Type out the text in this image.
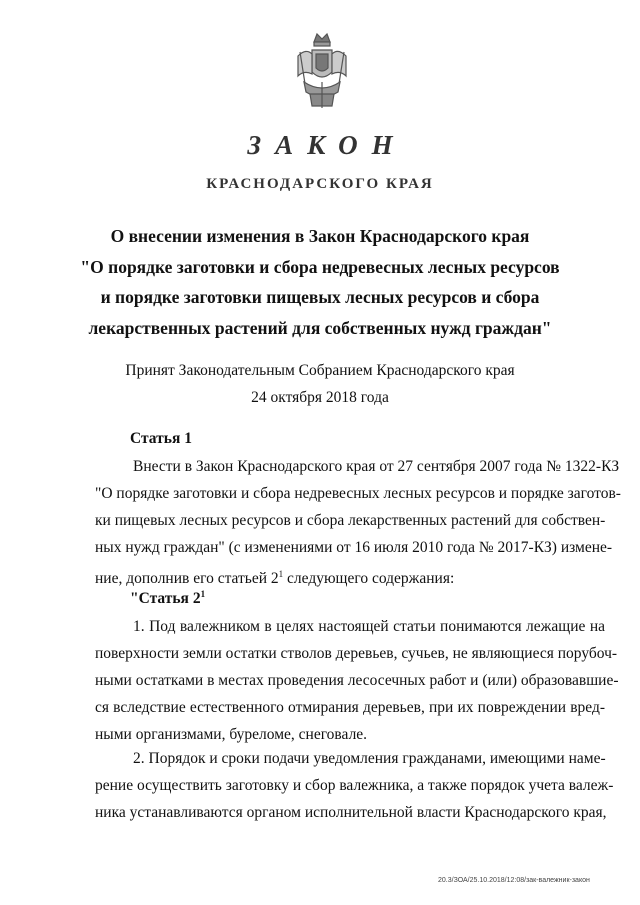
ЗАКОН
КРАСНОДАРСКОГО КРАЯ
О внесении изменения в Закон Краснодарского края
"О порядке заготовки и сбора недревесных лесных ресурсов
и порядке заготовки пищевых лесных ресурсов и сбора
лекарственных растений для собственных нужд граждан"
Принят Законодательным Собранием Краснодарского края
24 октября 2018 года
Статья 1
Внести в Закон Краснодарского края от 27 сентября 2007 года № 1322-КЗ
"О порядке заготовки и сбора недревесных лесных ресурсов и порядке заготов-
ки пищевых лесных ресурсов и сбора лекарственных растений для собствен-
ных нужд граждан" (с изменениями от 16 июля 2010 года № 2017-КЗ) измене-
ние, дополнив его статьей $2^1$ следующего содержания:
"Статья $2^1$
1. Под валежником в целях настоящей статьи понимаются лежащие на
поверхности земли остатки стволов деревьев, сучьев, не являющиеся порубоч-
ными остатками в местах проведения лесосечных работ и (или) образовавшие-
ся вследствие естественного отмирания деревьев, при их повреждении вред-
ными организмами, буреломе, снеговале.
2. Порядок и сроки подачи уведомления гражданами, имеющими наме-
рение осуществить заготовку и сбор валежника, а также порядок учета валеж-
ника устанавливаются органом исполнительной власти Краснодарского края,
20.3/ЗОА/25.10.2018/12:08/зак-валежник-закон
